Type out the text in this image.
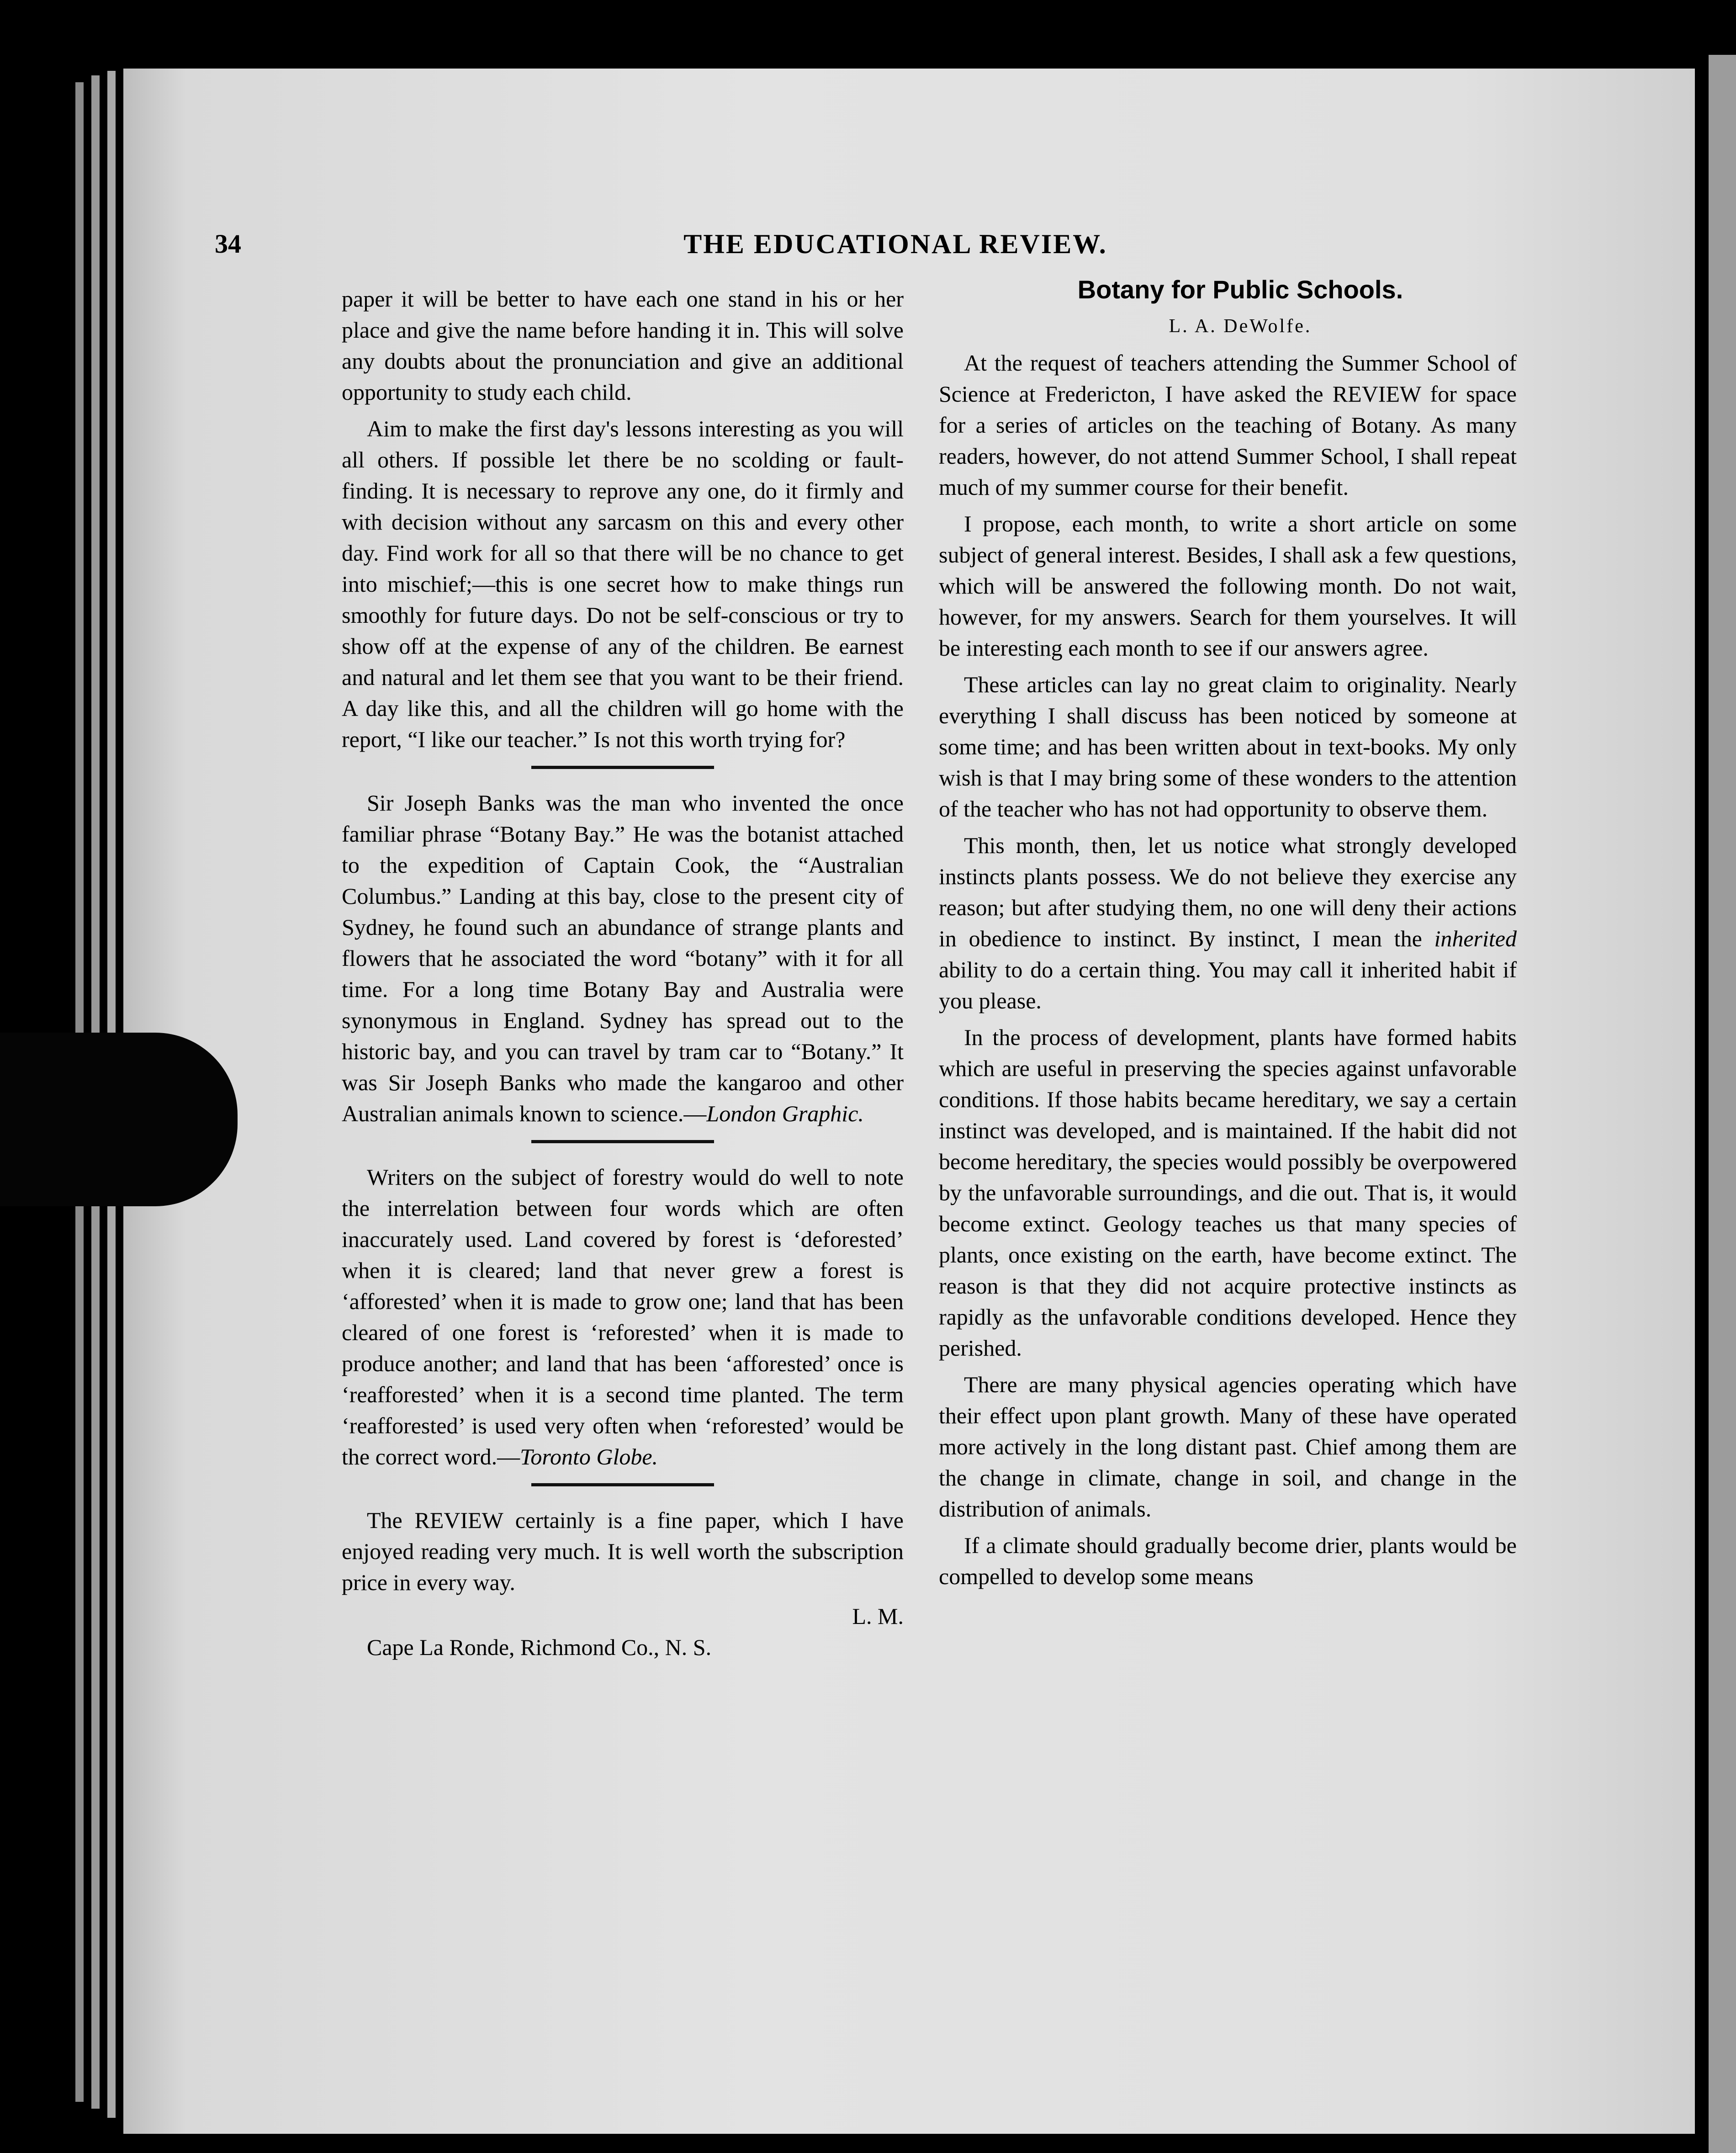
34	THE EDUCATIONAL REVIEW.

paper it will be better to have each one stand in his or her place and give the name before handing it in. This will solve any doubts about the pronunciation and give an additional opportunity to study each child.

Aim to make the first day's lessons interesting as you will all others. If possible let there be no scolding or fault-finding. It is necessary to reprove any one, do it firmly and with decision without any sarcasm on this and every other day. Find work for all so that there will be no chance to get into mischief;—this is one secret how to make things run smoothly for future days. Do not be self-conscious or try to show off at the expense of any of the children. Be earnest and natural and let them see that you want to be their friend. A day like this, and all the children will go home with the report, “I like our teacher.” Is not this worth trying for?

Sir Joseph Banks was the man who invented the once familiar phrase “Botany Bay.” He was the botanist attached to the expedition of Captain Cook, the “Australian Columbus.” Landing at this bay, close to the present city of Sydney, he found such an abundance of strange plants and flowers that he associated the word “botany” with it for all time. For a long time Botany Bay and Australia were synonymous in England. Sydney has spread out to the historic bay, and you can travel by tram car to “Botany.” It was Sir Joseph Banks who made the kangaroo and other Australian animals known to science.—London Graphic.

Writers on the subject of forestry would do well to note the interrelation between four words which are often inaccurately used. Land covered by forest is ‘deforested’ when it is cleared; land that never grew a forest is ‘afforested’ when it is made to grow one; land that has been cleared of one forest is ‘reforested’ when it is made to produce another; and land that has been ‘afforested’ once is ‘reafforested’ when it is a second time planted. The term ‘reafforested’ is used very often when ‘reforested’ would be the correct word.—Toronto Globe.

The REVIEW certainly is a fine paper, which I have enjoyed reading very much. It is well worth the subscription price in every way.

L. M.

Cape La Ronde, Richmond Co., N. S.

Botany for Public Schools.

L. A. DeWolfe.

At the request of teachers attending the Summer School of Science at Fredericton, I have asked the REVIEW for space for a series of articles on the teaching of Botany. As many readers, however, do not attend Summer School, I shall repeat much of my summer course for their benefit.

I propose, each month, to write a short article on some subject of general interest. Besides, I shall ask a few questions, which will be answered the following month. Do not wait, however, for my answers. Search for them yourselves. It will be interesting each month to see if our answers agree.

These articles can lay no great claim to originality. Nearly everything I shall discuss has been noticed by someone at some time; and has been written about in text-books. My only wish is that I may bring some of these wonders to the attention of the teacher who has not had opportunity to observe them.

This month, then, let us notice what strongly developed instincts plants possess. We do not believe they exercise any reason; but after studying them, no one will deny their actions in obedience to instinct. By instinct, I mean the inherited ability to do a certain thing. You may call it inherited habit if you please.

In the process of development, plants have formed habits which are useful in preserving the species against unfavorable conditions. If those habits became hereditary, we say a certain instinct was developed, and is maintained. If the habit did not become hereditary, the species would possibly be overpowered by the unfavorable surroundings, and die out. That is, it would become extinct. Geology teaches us that many species of plants, once existing on the earth, have become extinct. The reason is that they did not acquire protective instincts as rapidly as the unfavorable conditions developed. Hence they perished.

There are many physical agencies operating which have their effect upon plant growth. Many of these have operated more actively in the long distant past. Chief among them are the change in climate, change in soil, and change in the distribution of animals.

If a climate should gradually become drier, plants would be compelled to develop some means
